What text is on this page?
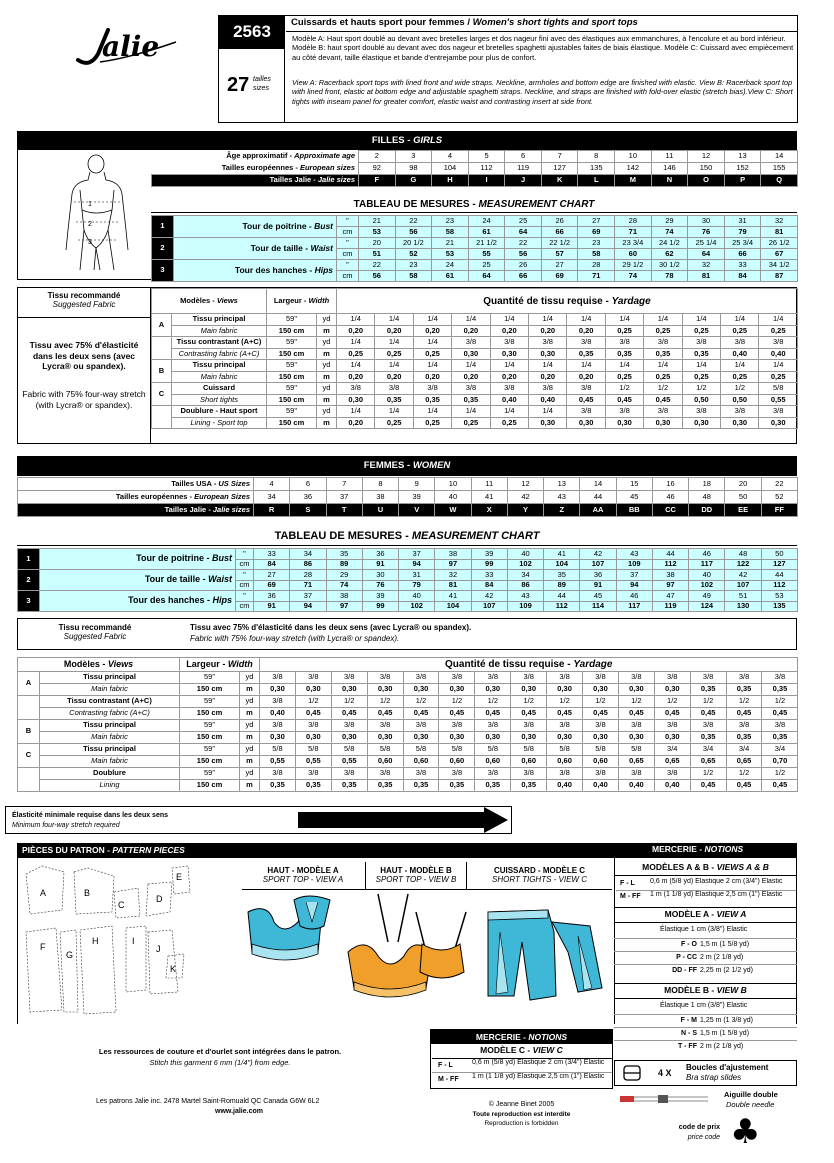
alie	2563
27 tailles
sizes
Cuissards et hauts sport pour femmes / Women's short tights and sport tops
Modèle A: Haut sport doublé au devant avec bretelles larges et dos nageur fini avec des élastiques aux emmanchures, à l'encolure et au bord inférieur. Modèle B: haut sport doublé au devant avec dos nageur et bretelles spaghetti ajustables faites de biais élastique. Modèle C: Cuissard avec empiècement au côté devant, taille élastique et bande d'entrejambe pour plus de confort.
View A: Racerback sport tops with lined front and wide straps. Neckline, armholes and bottom edge are finished with elastic. View B: Racerback sport top with lined front, elastic at bottom edge and adjustable spaghetti straps. Neckline, and straps are finished with fold-over elastic (stretch bias).View C: Short tights with inseam panel for greater comfort, elastic waist and contrasting insert at side front.
FILLES - GIRLS
1
2
3
Âge approximatif - Approximate age	2	3	4	5	6	7	8	10	11	12	13	14
Tailles européennes - European sizes	92	98	104	112	119	127	135	142	146	150	152	155
Tailles Jalie - Jalie sizes	F	G	H	I	J	K	L	M	N	O	P	Q
TABLEAU DE MESURES - MEASUREMENT CHART
1	Tour de poitrine - Bust	"	21	22	23	24	25	26	27	28	29	30	31	32
		cm	53	56	58	61	64	66	69	71	74	76	79	81
2	Tour de taille - Waist	"	20	20 1/2	21	21 1/2	22	22 1/2	23	23 3/4	24 1/2	25 1/4	25 3/4	26 1/2
		cm	51	52	53	55	56	57	58	60	62	64	66	67
3	Tour des hanches - Hips	"	22	23	24	25	26	27	28	29 1/2	30 1/2	32	33	34 1/2
		cm	56	58	61	64	66	69	71	74	78	81	84	87
Tissu recommandé
Suggested Fabric
Tissu avec 75% d'élasticité dans les deux sens (avec Lycra® ou spandex).
Fabric with 75% four-way stretch (with Lycra® or spandex).
Modèles - Views		Largeur - Width		Quantité de tissu requise - Yardage											
A	Tissu principal	59"	yd	1/4	1/4	1/4	1/4	1/4	1/4	1/4	1/4	1/4	1/4	1/4	1/4
	Main fabric	150 cm	m	0,20	0,20	0,20	0,20	0,20	0,20	0,20	0,25	0,25	0,25	0,25	0,25
	Tissu contrastant (A+C)	59"	yd	1/4	1/4	1/4	3/8	3/8	3/8	3/8	3/8	3/8	3/8	3/8	3/8
	Contrasting fabric (A+C)	150 cm	m	0,25	0,25	0,25	0,30	0,30	0,30	0,35	0,35	0,35	0,35	0,40	0,40
B	Tissu principal	59"	yd	1/4	1/4	1/4	1/4	1/4	1/4	1/4	1/4	1/4	1/4	1/4	1/4
	Main fabric	150 cm	m	0,20	0,20	0,20	0,20	0,20	0,20	0,20	0,25	0,25	0,25	0,25	0,25
C	Cuissard	59"	yd	3/8	3/8	3/8	3/8	3/8	3/8	3/8	1/2	1/2	1/2	1/2	5/8
	Short tights	150 cm	m	0,30	0,35	0,35	0,35	0,40	0,40	0,45	0,45	0,45	0,50	0,50	0,55
	Doublure - Haut sport	59"	yd	1/4	1/4	1/4	1/4	1/4	1/4	3/8	3/8	3/8	3/8	3/8	3/8
	Lining - Sport top	150 cm	m	0,20	0,25	0,25	0,25	0,25	0,30	0,30	0,30	0,30	0,30	0,30	0,30
FEMMES - WOMEN
Tailles USA - US Sizes	4	6	7	8	9	10	11	12	13	14	15	16	18	20	22
Tailles européennes - European Sizes	34	36	37	38	39	40	41	42	43	44	45	46	48	50	52
Tailles Jalie - Jalie sizes	R	S	T	U	V	W	X	Y	Z	AA	BB	CC	DD	EE	FF
TABLEAU DE MESURES - MEASUREMENT CHART
1	Tour de poitrine - Bust	"	33	34	35	36	37	38	39	40	41	42	43	44	46	48	50
		cm	84	86	89	91	94	97	99	102	104	107	109	112	117	122	127
2	Tour de taille - Waist	"	27	28	29	30	31	32	33	34	35	36	37	38	40	42	44
		cm	69	71	74	76	79	81	84	86	89	91	94	97	102	107	112
3	Tour des hanches - Hips	"	36	37	38	39	40	41	42	43	44	45	46	47	49	51	53
		cm	91	94	97	99	102	104	107	109	112	114	117	119	124	130	135
Tissu recommandé
Suggested Fabric
Tissu avec 75% d'élasticité dans les deux sens (avec Lycra® ou spandex).
Fabric with 75% four-way stretch (with Lycra® or spandex).
Modèles - Views		Largeur - Width		Quantité de tissu requise - Yardage														
A	Tissu principal	59"	yd	3/8	3/8	3/8	3/8	3/8	3/8	3/8	3/8	3/8	3/8	3/8	3/8	3/8	3/8	3/8
	Main fabric	150 cm	m	0,30	0,30	0,30	0,30	0,30	0,30	0,30	0,30	0,30	0,30	0,30	0,30	0,35	0,35	0,35
	Tissu contrastant (A+C)	59"	yd	3/8	1/2	1/2	1/2	1/2	1/2	1/2	1/2	1/2	1/2	1/2	1/2	1/2	1/2	1/2
	Contrasting fabric (A+C)	150 cm	m	0,40	0,45	0,45	0,45	0,45	0,45	0,45	0,45	0,45	0,45	0,45	0,45	0,45	0,45	0,45
B	Tissu principal	59"	yd	3/8	3/8	3/8	3/8	3/8	3/8	3/8	3/8	3/8	3/8	3/8	3/8	3/8	3/8	3/8
	Main fabric	150 cm	m	0,30	0,30	0,30	0,30	0,30	0,30	0,30	0,30	0,30	0,30	0,30	0,30	0,35	0,35	0,35
C	Tissu principal	59"	yd	5/8	5/8	5/8	5/8	5/8	5/8	5/8	5/8	5/8	5/8	5/8	3/4	3/4	3/4	3/4
	Main fabric	150 cm	m	0,55	0,55	0,55	0,60	0,60	0,60	0,60	0,60	0,60	0,60	0,65	0,65	0,65	0,65	0,70
	Doublure	59"	yd	3/8	3/8	3/8	3/8	3/8	3/8	3/8	3/8	3/8	3/8	3/8	3/8	1/2	1/2	1/2
	Lining	150 cm	m	0,35	0,35	0,35	0,35	0,35	0,35	0,35	0,35	0,40	0,40	0,40	0,40	0,45	0,45	0,45
Élasticité minimale requise dans les deux sens
Minimum four-way stretch required
PIÈCES DU PATRON - PATTERN PIECES	MERCERIE - NOTIONS
A	B
C
D
E
F
G
H	I
J
K
HAUT - MODÈLE A
SPORT TOP - VIEW A
HAUT - MODÈLE B
SPORT TOP - VIEW B
CUISSARD - MODÈLE C
SHORT TIGHTS - VIEW C
MODÈLES A & B - VIEWS A & B
F - L 0,6 m (5/8 yd) Élastique 2 cm (3/4") Elastic
M - FF 1 m (1 1/8 yd) Élastique 2,5 cm (1") Elastic
MODÈLE A - VIEW A
Élastique 1 cm (3/8") Elastic
F - O 1,5 m (1 5/8 yd)
P - CC 2 m (2 1/8 yd)
DD - FF 2,25 m (2 1/2 yd)
MODÈLE B - VIEW B
Élastique 1 cm (3/8") Elastic
F - M 1,25 m (1 3/8 yd)
N - S 1,5 m (1 5/8 yd)
T - FF 2 m (2 1/8 yd)
Les ressources de couture et d'ourlet sont intégrées dans le patron.
Stitch this garment 6 mm (1/4") from edge.
MERCERIE - NOTIONS
MODÈLE C - VIEW C
F - L	0,6 m (5/8 yd) Élastique 2 cm (3/4") Elastic
M - FF 1 m (1 1/8 yd) Élastique 2,5 cm (1") Elastic	4 X
Boucles d'ajustement
Bra strap slides
Aiguille double
Double needle
Les patrons Jalie inc. 2478 Martel Saint-Romuald QC Canada G6W 6L2
www.jalie.com
© Jeanne Binet 2005
Toute reproduction est interdite
Reproduction is forbidden
code de prix
price code ♣
